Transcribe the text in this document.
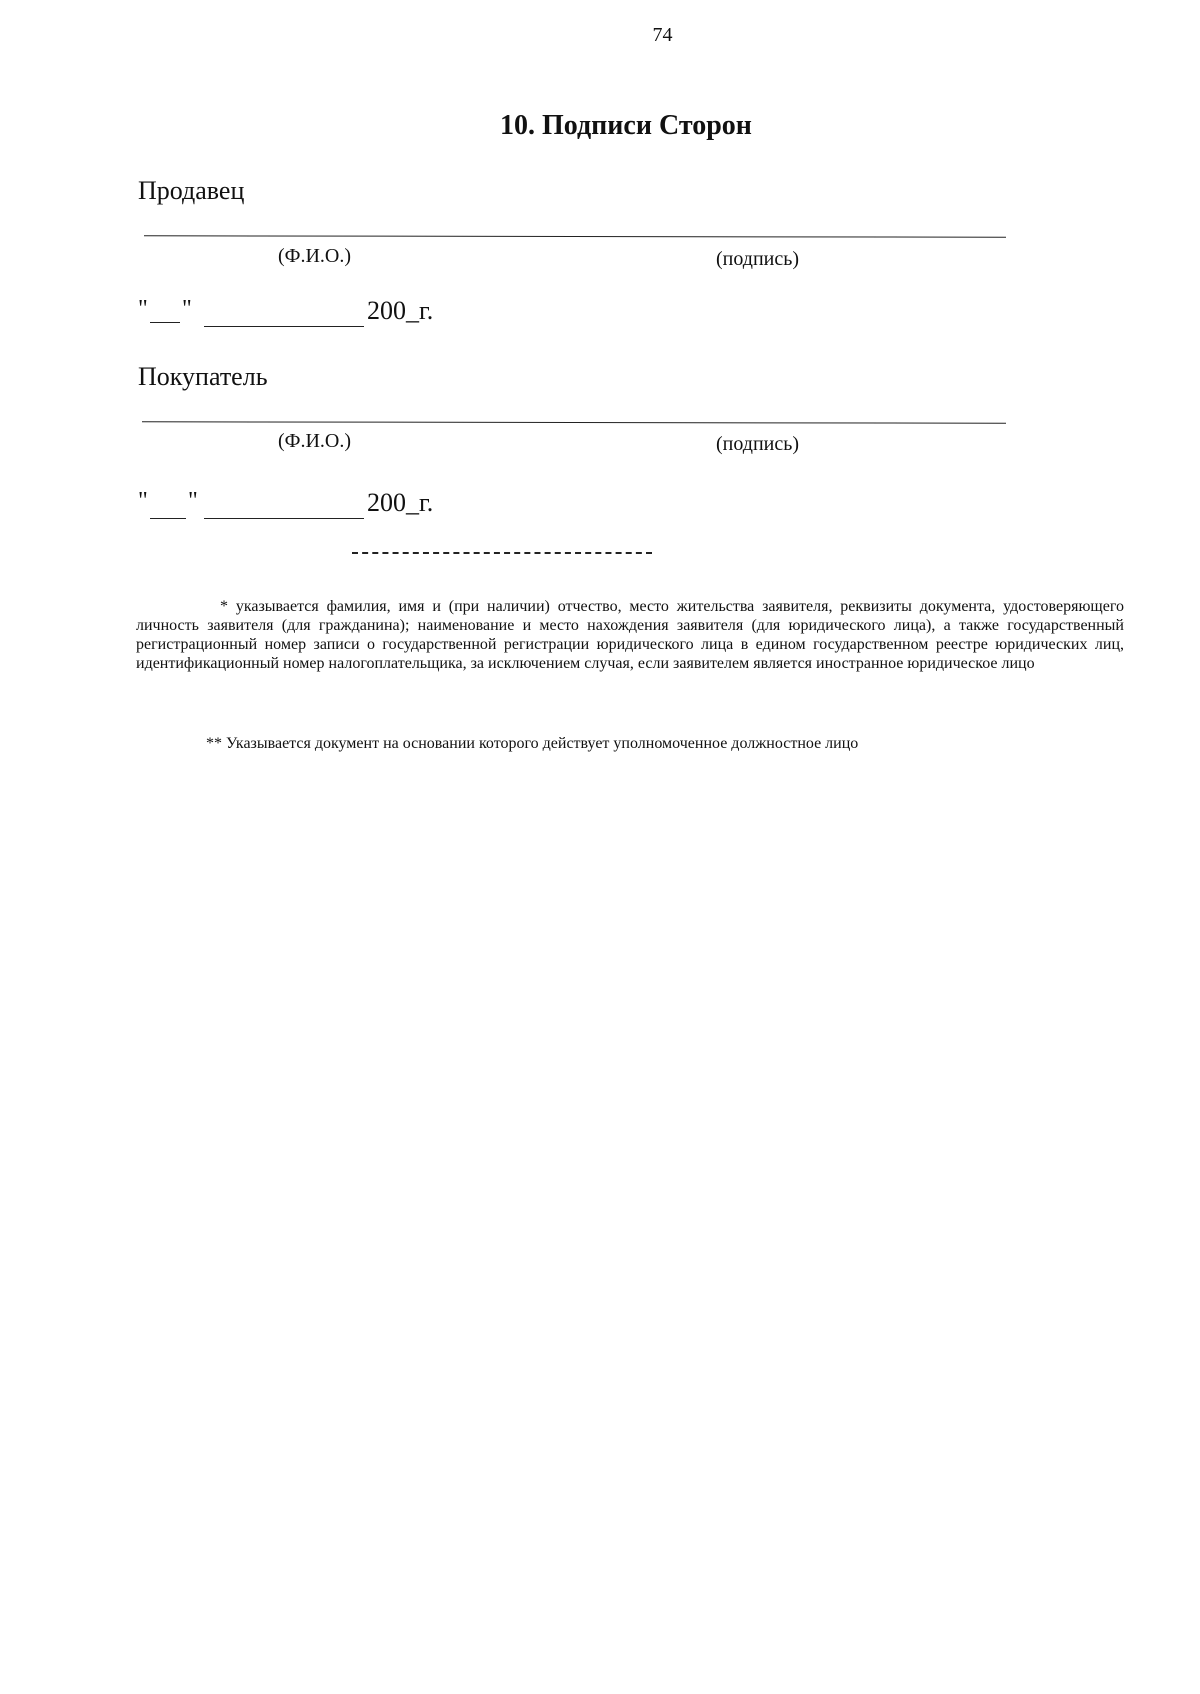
74
10. Подписи Сторон
Продавец
(Ф.И.О.)	(подпись)
" "	200_г.
Покупатель
(Ф.И.О.)	(подпись)
" "	200_г.
* указывается фамилия, имя и (при наличии) отчество, место жительства заявителя, реквизиты документа, удостоверяющего личность заявителя (для гражданина); наименование и место нахождения заявителя (для юридического лица), а также государственный регистрационный номер записи о государственной регистрации юридического лица в едином государственном реестре юридических лиц, идентификационный номер налогоплательщика, за исключением случая, если заявителем является иностранное юридическое лицо
** Указывается документ на основании которого действует уполномоченное должностное лицо
